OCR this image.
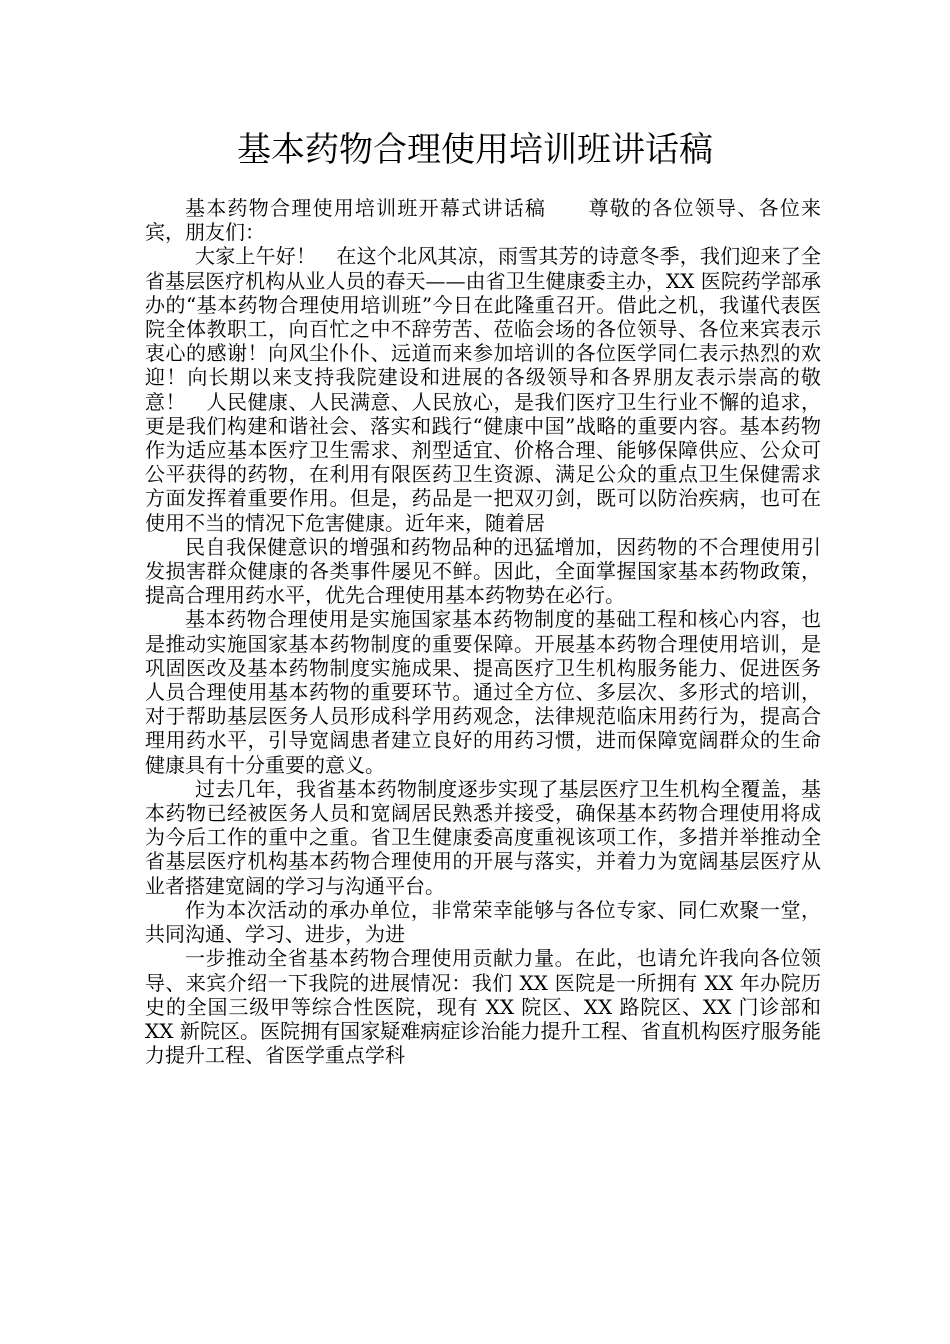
基本药物合理使用培训班讲话稿

基本药物合理使用培训班开幕式讲话稿　　尊敬的各位领导、各位来宾，朋友们：

大家上午好！　在这个北风其凉，雨雪其芳的诗意冬季，我们迎来了全省基层医疗机构从业人员的春天——由省卫生健康委主办，XX 医院药学部承办的“基本药物合理使用培训班”今日在此隆重召开。借此之机，我谨代表医院全体教职工，向百忙之中不辞劳苦、莅临会场的各位领导、各位来宾表示衷心的感谢！向风尘仆仆、远道而来参加培训的各位医学同仁表示热烈的欢迎！向长期以来支持我院建设和进展的各级领导和各界朋友表示崇高的敬意！　人民健康、人民满意、人民放心，是我们医疗卫生行业不懈的追求，更是我们构建和谐社会、落实和践行“健康中国”战略的重要内容。基本药物作为适应基本医疗卫生需求、剂型适宜、价格合理、能够保障供应、公众可公平获得的药物，在利用有限医药卫生资源、满足公众的重点卫生保健需求方面发挥着重要作用。但是，药品是一把双刃剑，既可以防治疾病，也可在使用不当的情况下危害健康。近年来，随着居

民自我保健意识的增强和药物品种的迅猛增加，因药物的不合理使用引发损害群众健康的各类事件屡见不鲜。因此，全面掌握国家基本药物政策，提高合理用药水平，优先合理使用基本药物势在必行。

基本药物合理使用是实施国家基本药物制度的基础工程和核心内容，也是推动实施国家基本药物制度的重要保障。开展基本药物合理使用培训，是巩固医改及基本药物制度实施成果、提高医疗卫生机构服务能力、促进医务人员合理使用基本药物的重要环节。通过全方位、多层次、多形式的培训，对于帮助基层医务人员形成科学用药观念，法律规范临床用药行为，提高合理用药水平，引导宽阔患者建立良好的用药习惯，进而保障宽阔群众的生命健康具有十分重要的意义。

过去几年，我省基本药物制度逐步实现了基层医疗卫生机构全覆盖，基本药物已经被医务人员和宽阔居民熟悉并接受，确保基本药物合理使用将成为今后工作的重中之重。省卫生健康委高度重视该项工作，多措并举推动全省基层医疗机构基本药物合理使用的开展与落实，并着力为宽阔基层医疗从业者搭建宽阔的学习与沟通平台。

作为本次活动的承办单位，非常荣幸能够与各位专家、同仁欢聚一堂，共同沟通、学习、进步，为进

一步推动全省基本药物合理使用贡献力量。在此，也请允许我向各位领导、来宾介绍一下我院的进展情况：我们 XX 医院是一所拥有 XX 年办院历史的全国三级甲等综合性医院，现有 XX 院区、XX 路院区、XX 门诊部和 XX 新院区。医院拥有国家疑难病症诊治能力提升工程、省直机构医疗服务能力提升工程、省医学重点学科
